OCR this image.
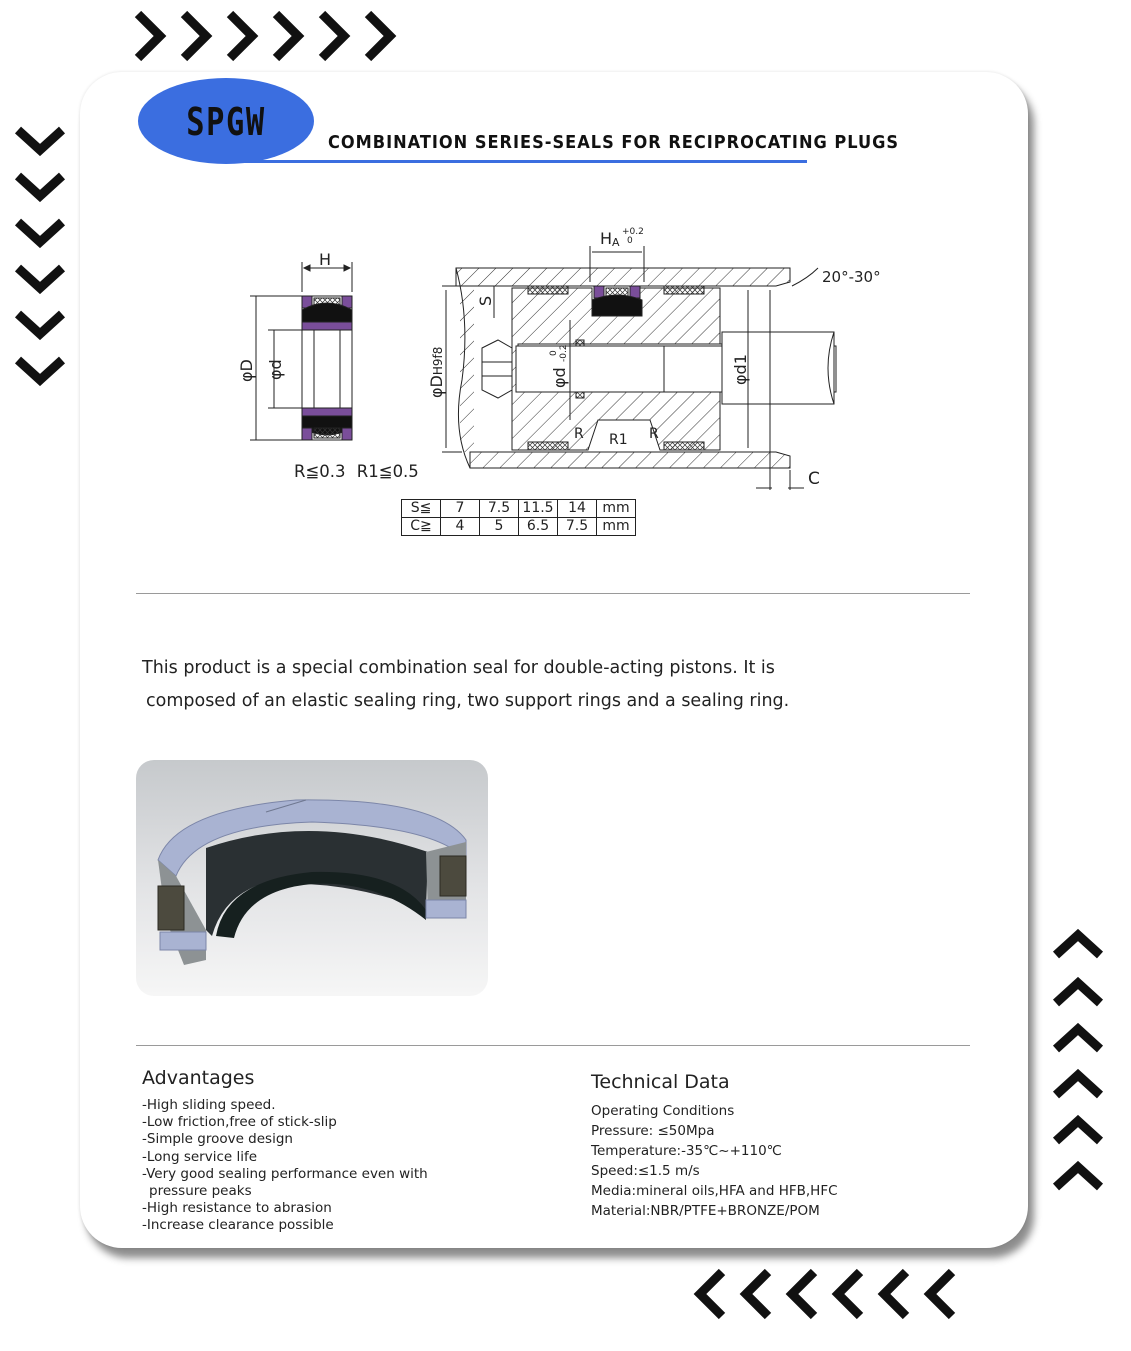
SPGW	COMBINATION SERIES-SEALS FOR RECIPROCATING PLUGS
H
φD φd
HA
+0.2
0
20°-30°
S
φDH9f8
φd
0 -0.2
φd1
R R1 R
C
R≦0.3 R1≦0.5
S≦	7	7.5	11.5	14	mm
C≧	4	5	6.5	7.5	mm
This product is a special combination seal for double-acting pistons. It is
composed of an elastic sealing ring, two support rings and a sealing ring.
Advantages
-High sliding speed.
-Low friction,free of stick-slip
-Simple groove design
-Long service life
-Very good sealing performance even with
pressure peaks
-High resistance to abrasion
-Increase clearance possible
Technical Data
Operating Conditions
Pressure: ≤50Mpa
Temperature:-35℃~+110℃
Speed:≤1.5 m/s
Media:mineral oils,HFA and HFB,HFC
Material:NBR/PTFE+BRONZE/POM
